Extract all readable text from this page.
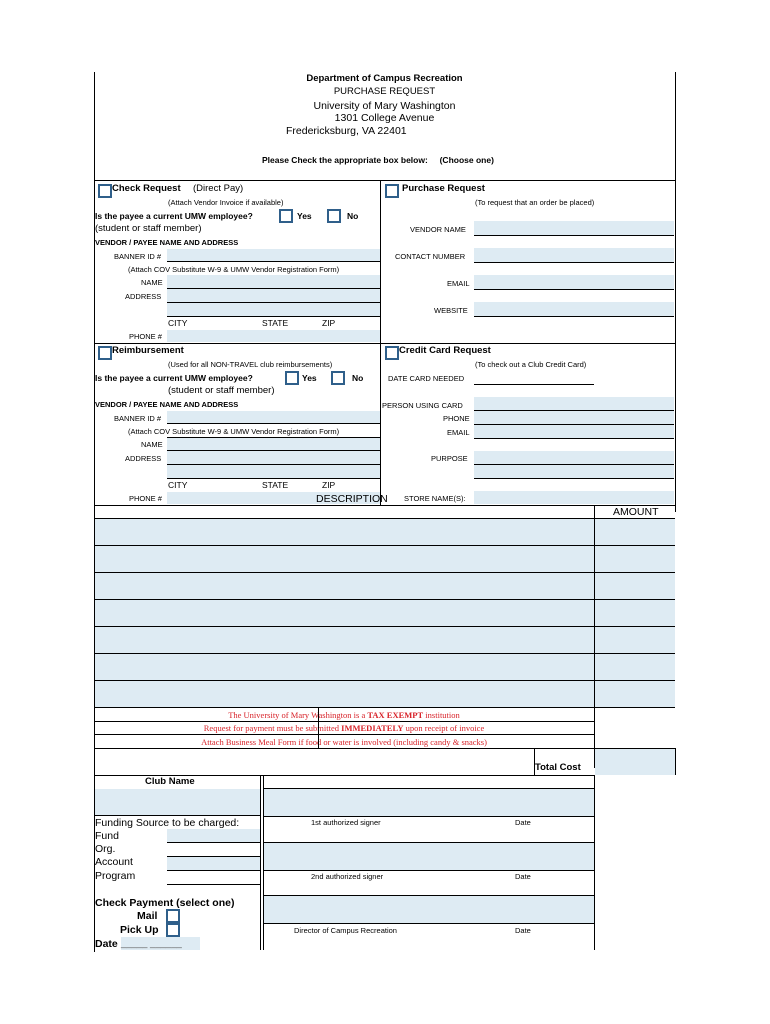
Department of Campus Recreation
PURCHASE REQUEST
University of Mary Washington
1301 College Avenue
Fredericksburg, VA 22401
Please Check the appropriate box below:     (Choose one)
Check Request (Direct Pay)
(Attach Vendor Invoice if available)
Is the payee a current UMW employee?	Yes	No
(student or staff member)
VENDOR / PAYEE NAME AND ADDRESS
BANNER ID #
(Attach COV Substitute W-9 & UMW Vendor Registration Form)
NAME
ADDRESS
CITY	STATE	ZIP
PHONE #
Purchase Request
(To request that an order be placed)
VENDOR NAME
CONTACT NUMBER
EMAIL
WEBSITE
Reimbursement
(Used for all NON-TRAVEL club reimbursements)
Is the payee a current UMW employee?	Yes	No
(student or staff member)
VENDOR / PAYEE NAME AND ADDRESS
BANNER ID #
(Attach COV Substitute W-9 & UMW Vendor Registration Form)
NAME
ADDRESS
CITY	STATE	ZIP
PHONE #
Credit Card Request
(To check out a Club Credit Card)
DATE CARD NEEDED
PERSON USING CARD
PHONE
EMAIL
PURPOSE
STORE NAME(S):
DESCRIPTION
AMOUNT
The University of Mary Washington is a TAX EXEMPT institution
Request for payment must be submitted IMMEDIATELY upon receipt of invoice
Attach Business Meal Form if food or water is involved (including candy & snacks)
Total Cost
Club Name
Funding Source to be charged:
Fund
Org.
Account
Program
Check Payment (select one)
Mail
Pick Up
Date _____ ______
1st authorized signer	Date
2nd authorized signer	Date
Director of Campus Recreation	Date
